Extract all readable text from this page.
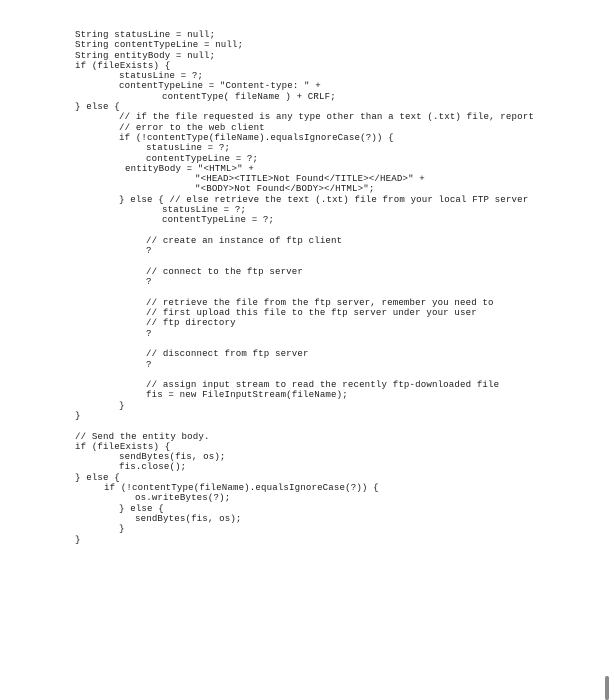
String statusLine = null;
String contentTypeLine = null;
String entityBody = null;
if (fileExists) {
statusLine = ?;
contentTypeLine = "Content-type: " +
contentType( fileName ) + CRLF;
} else {
// if the file requested is any type other than a text (.txt) file, report
// error to the web client
if (!contentType(fileName).equalsIgnoreCase(?)) {
statusLine = ?;
contentTypeLine = ?;
entityBody = "<HTML>" +
"<HEAD><TITLE>Not Found</TITLE></HEAD>" +
"<BODY>Not Found</BODY></HTML>";
} else { // else retrieve the text (.txt) file from your local FTP server
statusLine = ?;
contentTypeLine = ?;
// create an instance of ftp client
?
// connect to the ftp server
?
// retrieve the file from the ftp server, remember you need to
// first upload this file to the ftp server under your user
// ftp directory
?
// disconnect from ftp server
?
// assign input stream to read the recently ftp-downloaded file
fis = new FileInputStream(fileName);
}
}
// Send the entity body.
if (fileExists) {
sendBytes(fis, os);
fis.close();
} else {
if (!contentType(fileName).equalsIgnoreCase(?)) {
os.writeBytes(?);
} else {
sendBytes(fis, os);
}
}
